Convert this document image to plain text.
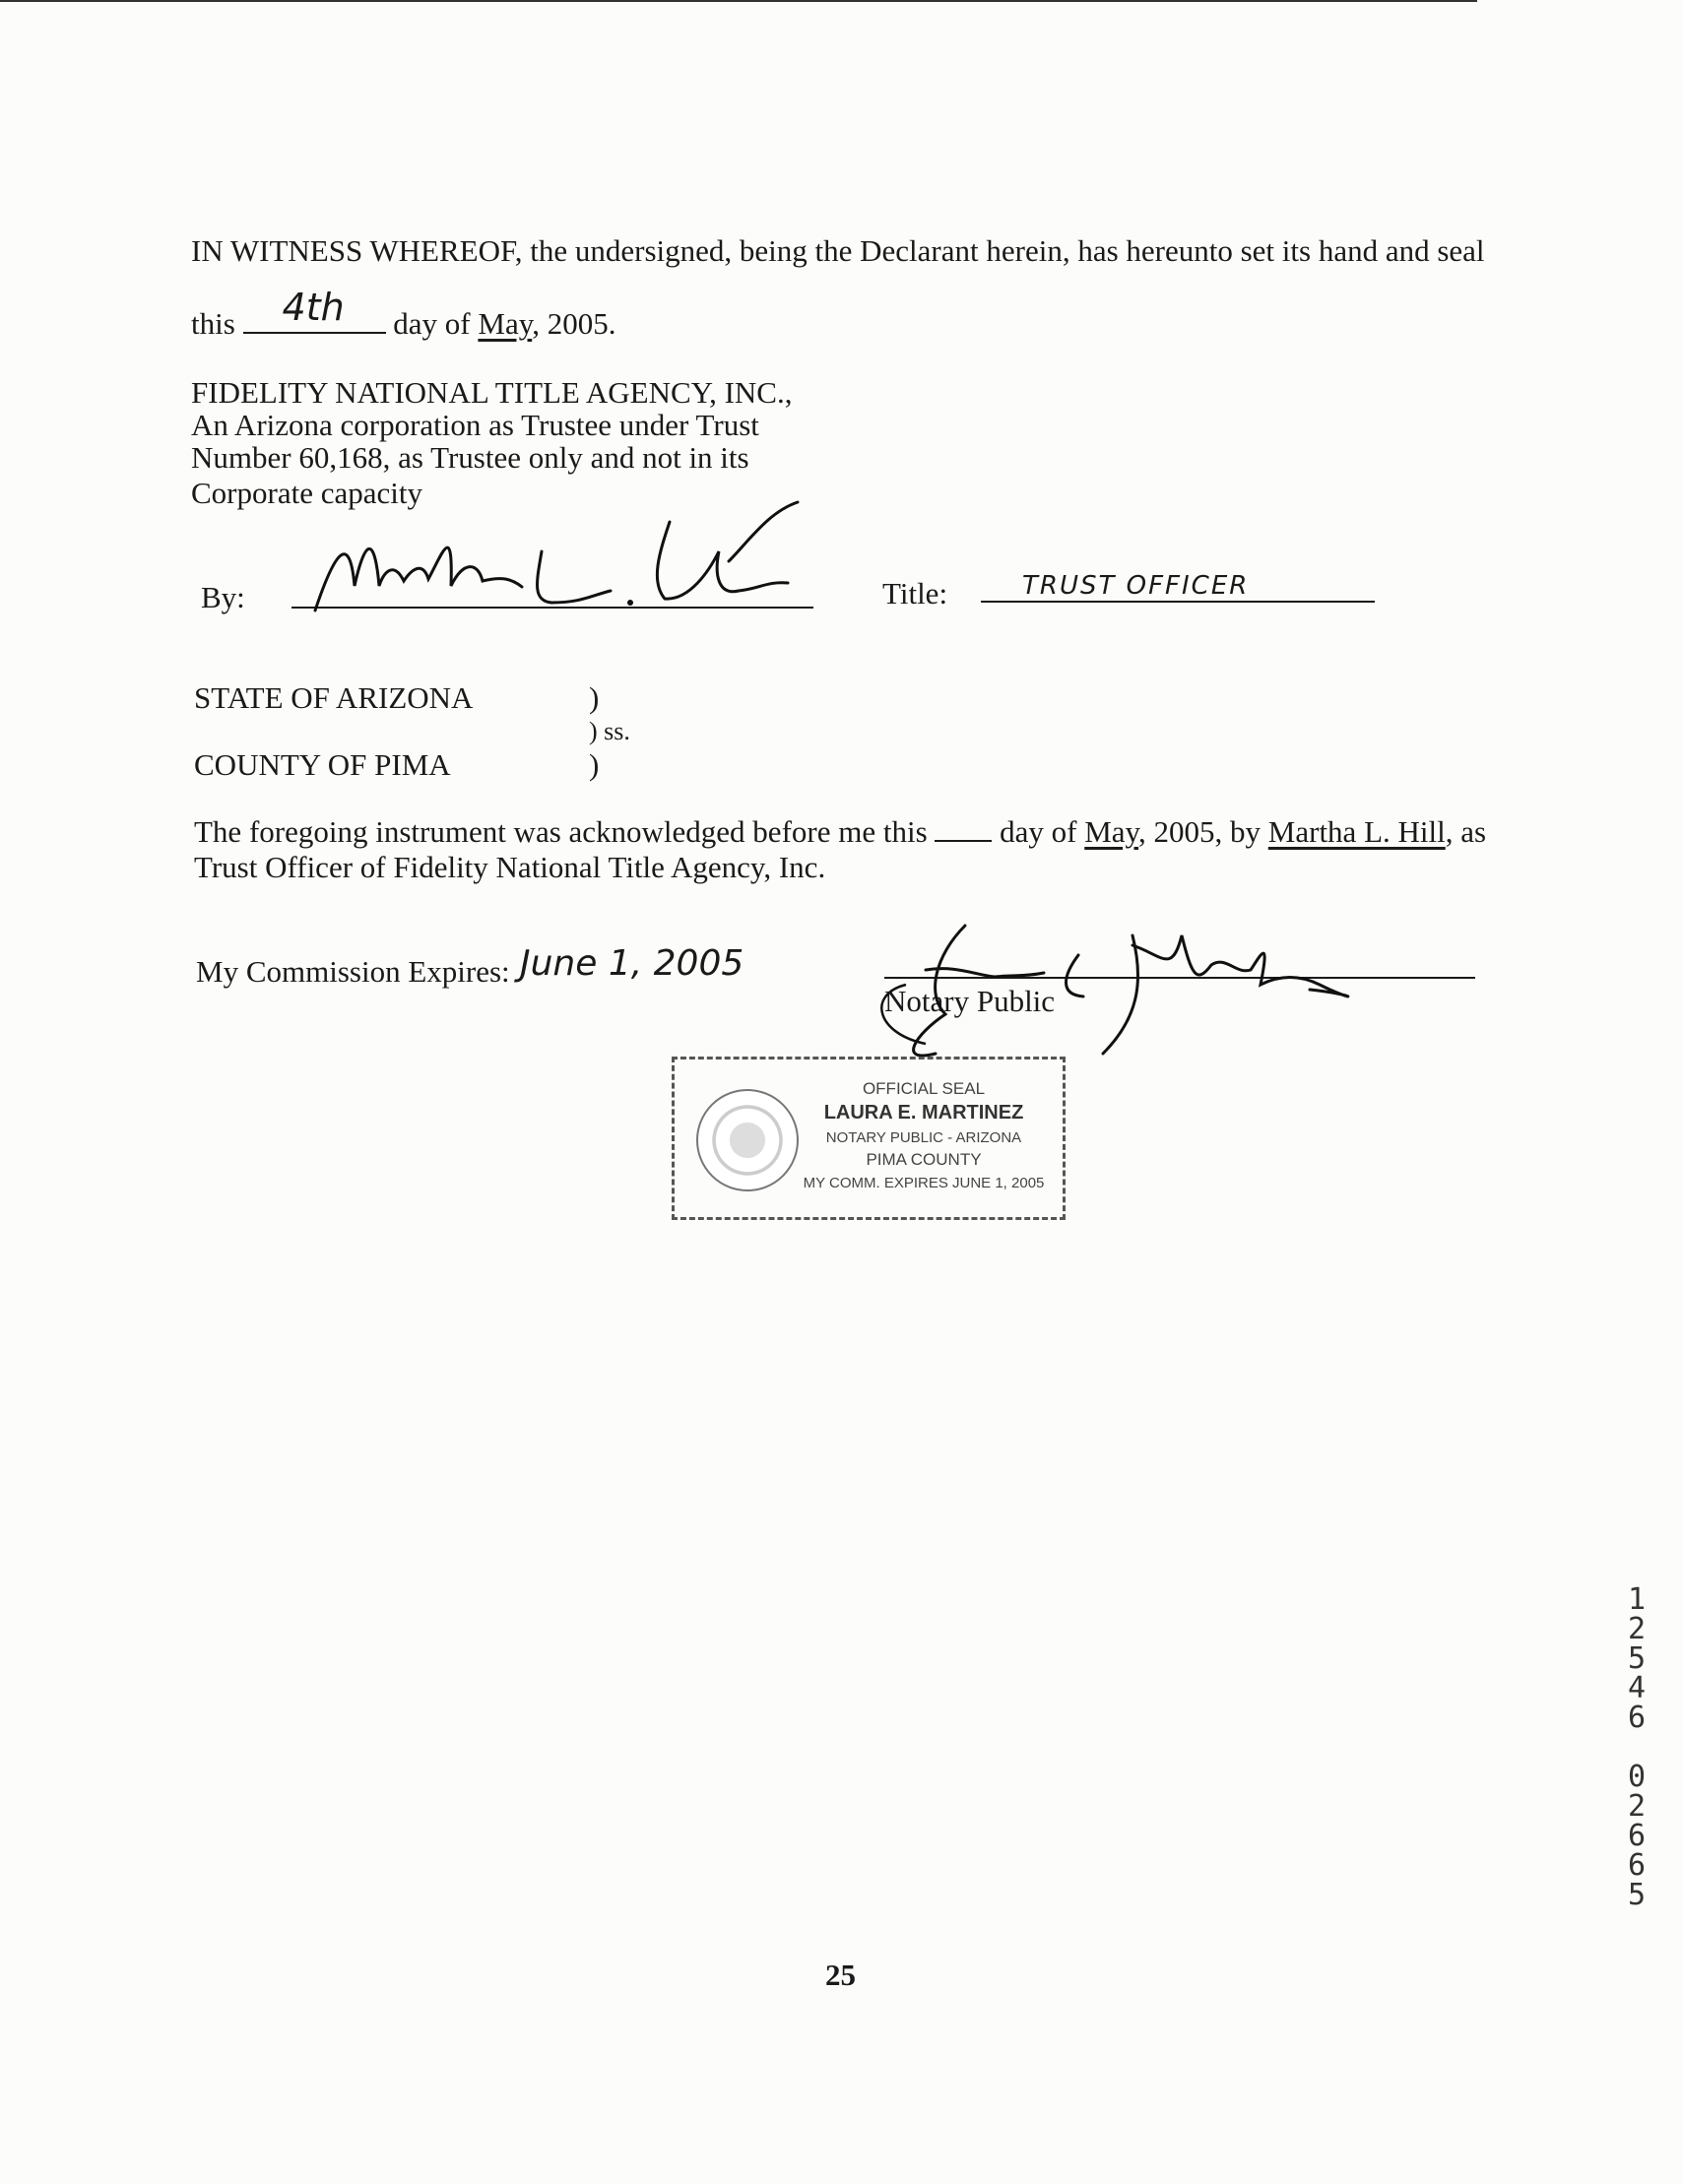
IN WITNESS WHEREOF, the undersigned, being the Declarant herein, has hereunto set its hand and seal
this 4th day of May, 2005.
FIDELITY NATIONAL TITLE AGENCY, INC.,
An Arizona corporation as Trustee under Trust
Number 60,168, as Trustee only and not in its
Corporate capacity
By:	Title:	TRUST OFFICER
STATE OF ARIZONA	)
) ss.
COUNTY OF PIMA	)
The foregoing instrument was acknowledged before me this day of May, 2005, by Martha L. Hill, as
Trust Officer of Fidelity National Title Agency, Inc.
My Commission Expires: June 1, 2005
Notary Public
OFFICIAL SEAL
LAURA E. MARTINEZ
NOTARY PUBLIC - ARIZONA
PIMA COUNTY
MY COMM. EXPIRES JUNE 1, 2005
1
2
5
4
6
0
2
6
6
5
25
